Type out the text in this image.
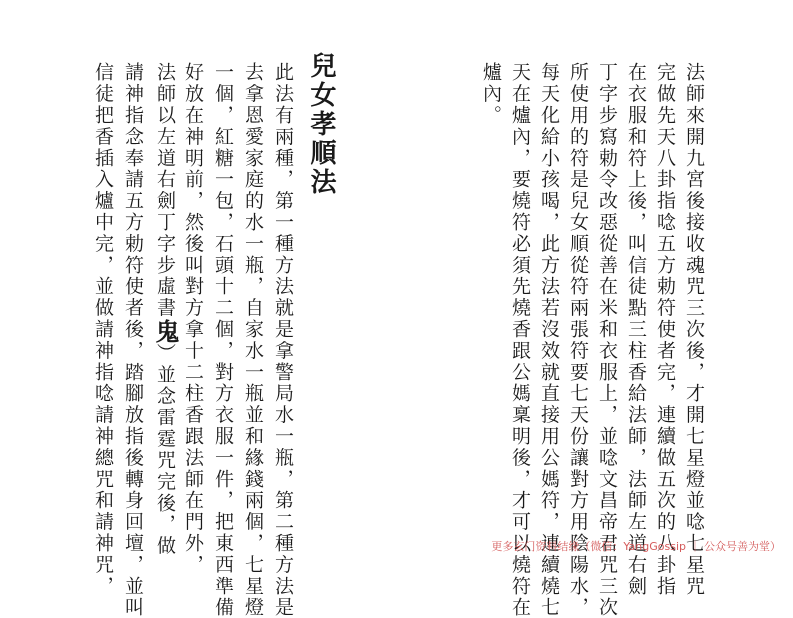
法師來開九宮後接收魂咒三次後，才開七星燈並唸七星咒
完做先天八卦指唸五方勅符使者完，連續做五次的八卦指
在衣服和符上後，叫信徒點三柱香給法師，法師左道右劍
丁字步寫勅令改惡從善在米和衣服上，並唸文昌帝君咒三次
所使用的符是兒女順從符兩張符要七天份讓對方用陰陽水，
每天化給小孩喝，此方法若沒效就直接用公媽符，連續燒七
天在爐內，要燒符必須先燒香跟公媽稟明後，才可以燒符在
爐內。
兒女孝順法
此法有兩種，第一種方法就是拿警局水一瓶，第二種方法是
去拿恩愛家庭的水一瓶，自家水一瓶並和緣錢兩個，七星燈
一個，紅糖一包，石頭十二個，對方衣服一件，把東西準備
好放在神明前，然後叫對方拿十二柱香跟法師在門外，
法師以左道右劍丁字步虛書鬼）並念雷霆咒完後，做
請神指念奉請五方勅符使者後，踏腳放指後轉身回壇，並叫
信徒把香插入爐中完，並做請神指唸請神總咒和請神咒，	更多玄门资料结缘（微信：YangGossip ｜ 公众号善为堂）
